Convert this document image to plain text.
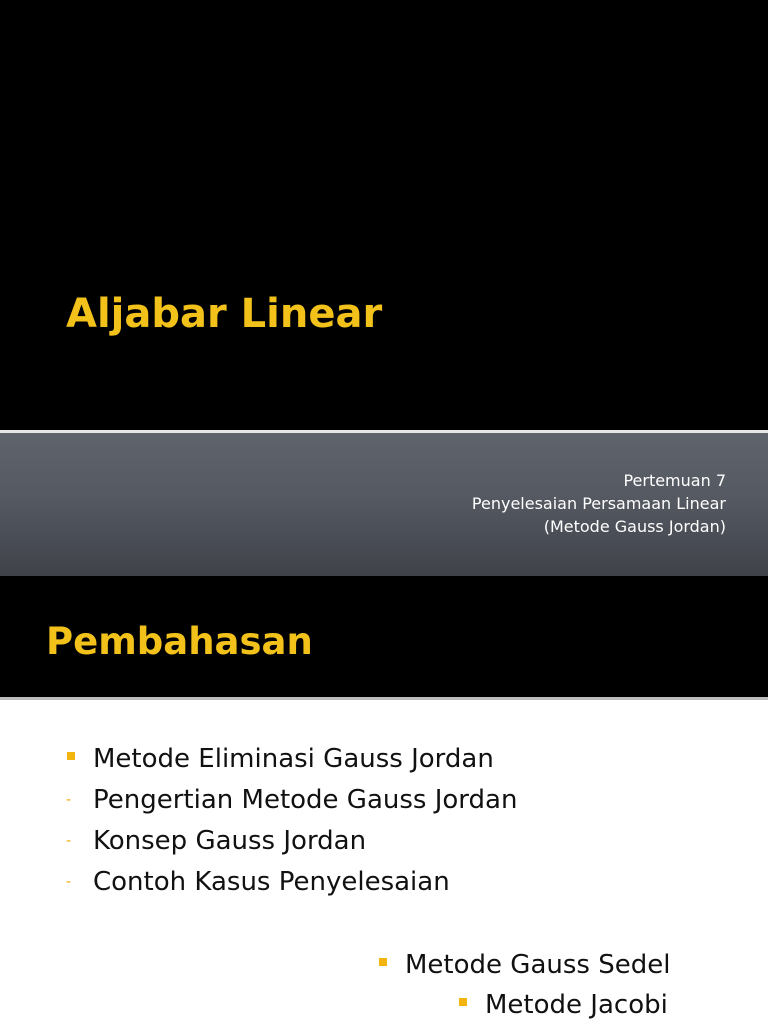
Aljabar Linear
Pertemuan 7
Penyelesaian Persamaan Linear
(Metode Gauss Jordan)
Pembahasan
Metode Eliminasi Gauss Jordan
- Pengertian Metode Gauss Jordan
- Konsep Gauss Jordan
- Contoh Kasus Penyelesaian
Metode Gauss Sedel
Metode Jacobi
